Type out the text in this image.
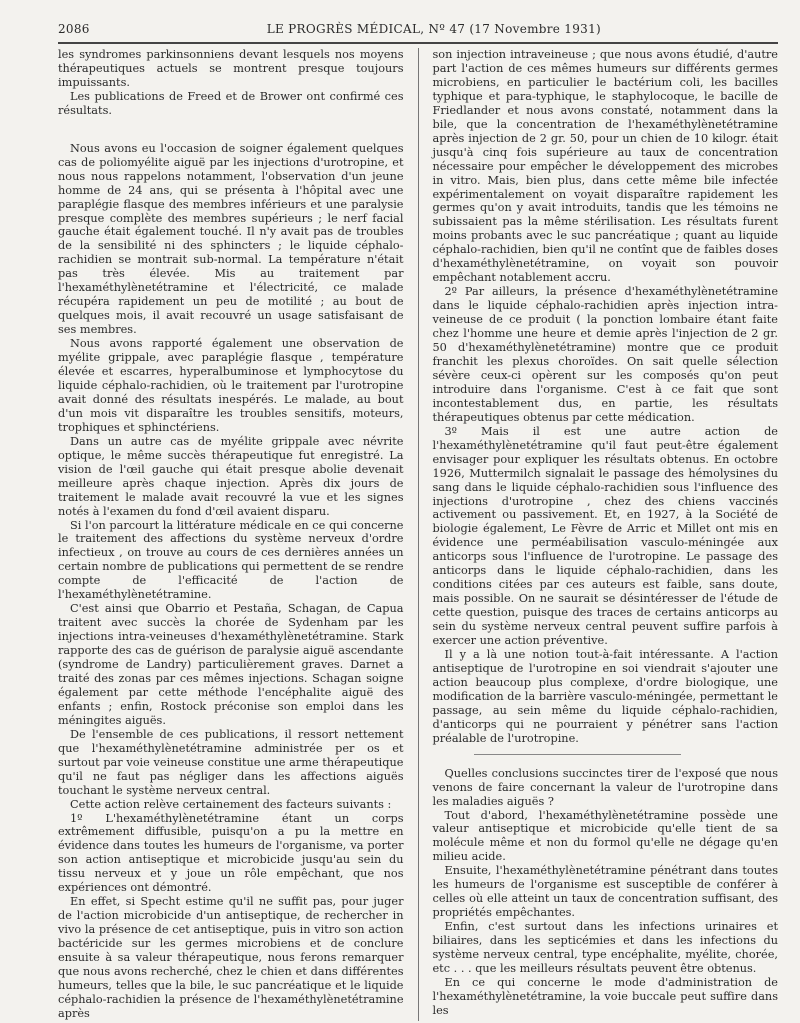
2086	LE PROGRÈS MÉDICAL, Nº 47 (17 Novembre 1931)

les syndromes parkinsonniens devant lesquels nos moyens thérapeutiques actuels se montrent presque toujours impuissants.

Les publications de Freed et de Brower ont confirmé ces résultats.

Nous avons eu l'occasion de soigner également quelques cas de poliomyélite aiguë par les injections d'urotropine, et nous nous rappelons notamment, l'observation d'un jeune homme de 24 ans, qui se présenta à l'hôpital avec une paraplégie flasque des membres inférieurs et une paralysie presque complète des membres supérieurs ; le nerf facial gauche était également touché. Il n'y avait pas de troubles de la sensibilité ni des sphincters ; le liquide céphalo-rachidien se montrait sub-normal. La température n'était pas très élevée. Mis au traitement par l'hexaméthylènetétramine et l'électricité, ce malade récupéra rapidement un peu de motilité ; au bout de quelques mois, il avait recouvré un usage satisfaisant de ses membres.

Nous avons rapporté également une observation de myélite grippale, avec paraplégie flasque , température élevée et escarres, hyperalbuminose et lymphocytose du liquide céphalo-rachidien, où le traitement par l'urotropine avait donné des résultats inespérés. Le malade, au bout d'un mois vit disparaître les troubles sensitifs, moteurs, trophiques et sphinctériens.

Dans un autre cas de myélite grippale avec névrite optique, le même succès thérapeutique fut enregistré. La vision de l'œil gauche qui était presque abolie devenait meilleure après chaque injection. Après dix jours de traitement le malade avait recouvré la vue et les signes notés à l'examen du fond d'œil avaient disparu.

Si l'on parcourt la littérature médicale en ce qui concerne le traitement des affections du système nerveux d'ordre infectieux , on trouve au cours de ces dernières années un certain nombre de publications qui permettent de se rendre compte de l'efficacité de l'action de l'hexaméthylènetétramine.

C'est ainsi que Obarrio et Pestaña, Schagan, de Capua traitent avec succès la chorée de Sydenham par les injections intra-veineuses d'hexaméthylènetétramine. Stark rapporte des cas de guérison de paralysie aiguë ascendante (syndrome de Landry) particulièrement graves. Darnet a traité des zonas par ces mêmes injections. Schagan soigne également par cette méthode l'encéphalite aiguë des enfants ; enfin, Rostock préconise son emploi dans les méningites aiguës.

De l'ensemble de ces publications, il ressort nettement que l'hexaméthylènetétramine administrée per os et surtout par voie veineuse constitue une arme thérapeutique qu'il ne faut pas négliger dans les affections aiguës touchant le système nerveux central.

Cette action relève certainement des facteurs suivants :

1º L'hexaméthylènetétramine étant un corps extrêmement diffusible, puisqu'on a pu la mettre en évidence dans toutes les humeurs de l'organisme, va porter son action antiseptique et microbicide jusqu'au sein du tissu nerveux et y joue un rôle empêchant, que nos expériences ont démontré.

En effet, si Specht estime qu'il ne suffit pas, pour juger de l'action microbicide d'un antiseptique, de rechercher in vivo la présence de cet antiseptique, puis in vitro son action bactéricide sur les germes microbiens et de conclure ensuite à sa valeur thérapeutique, nous ferons remarquer que nous avons recherché, chez le chien et dans différentes humeurs, telles que la bile, le suc pancréatique et le liquide céphalo-rachidien la présence de l'hexaméthylènetétramine après

son injection intraveineuse ; que nous avons étudié, d'autre part l'action de ces mêmes humeurs sur différents germes microbiens, en particulier le bactérium coli, les bacilles typhique et para-typhique, le staphylocoque, le bacille de Friedlander et nous avons constaté, notamment dans la bile, que la concentration de l'hexaméthylènetétramine après injection de 2 gr. 50, pour un chien de 10 kilogr. était jusqu'à cinq fois supérieure au taux de concentration nécessaire pour empêcher le développement des microbes in vitro. Mais, bien plus, dans cette même bile infectée expérimentalement on voyait disparaître rapidement les germes qu'on y avait introduits, tandis que les témoins ne subissaient pas la même stérilisation. Les résultats furent moins probants avec le suc pancréatique ; quant au liquide céphalo-rachidien, bien qu'il ne contînt que de faibles doses d'hexaméthylènetétramine, on voyait son pouvoir empêchant notablement accru.

2º Par ailleurs, la présence d'hexaméthylènetétramine dans le liquide céphalo-rachidien après injection intra-veineuse de ce produit ( la ponction lombaire étant faite chez l'homme une heure et demie après l'injection de 2 gr. 50 d'hexaméthylènetétramine) montre que ce produit franchit les plexus choroïdes. On sait quelle sélection sévère ceux-ci opèrent sur les composés qu'on peut introduire dans l'organisme. C'est à ce fait que sont incontestablement dus, en partie, les résultats thérapeutiques obtenus par cette médication.

3º Mais il est une autre action de l'hexaméthylènetétramine qu'il faut peut-être également envisager pour expliquer les résultats obtenus. En octobre 1926, Muttermilch signalait le passage des hémolysines du sang dans le liquide céphalo-rachidien sous l'influence des injections d'urotropine , chez des chiens vaccinés activement ou passivement. Et, en 1927, à la Société de biologie également, Le Fèvre de Arric et Millet ont mis en évidence une perméabilisation vasculo-méningée aux anticorps sous l'influence de l'urotropine. Le passage des anticorps dans le liquide céphalo-rachidien, dans les conditions citées par ces auteurs est faible, sans doute, mais possible. On ne saurait se désintéresser de l'étude de cette question, puisque des traces de certains anticorps au sein du système nerveux central peuvent suffire parfois à exercer une action préventive.

Il y a là une notion tout-à-fait intéressante. A l'action antiseptique de l'urotropine en soi viendrait s'ajouter une action beaucoup plus complexe, d'ordre biologique, une modification de la barrière vasculo-méningée, permettant le passage, au sein même du liquide céphalo-rachidien, d'anticorps qui ne pourraient y pénétrer sans l'action préalable de l'urotropine.

Quelles conclusions succinctes tirer de l'exposé que nous venons de faire concernant la valeur de l'urotropine dans les maladies aiguës ?

Tout d'abord, l'hexaméthylènetétramine possède une valeur antiseptique et microbicide qu'elle tient de sa molécule même et non du formol qu'elle ne dégage qu'en milieu acide.

Ensuite, l'hexaméthylènetétramine pénétrant dans toutes les humeurs de l'organisme est susceptible de conférer à celles où elle atteint un taux de concentration suffisant, des propriétés empêchantes.

Enfin, c'est surtout dans les infections urinaires et biliaires, dans les septicémies et dans les infections du système nerveux central, type encéphalite, myélite, chorée, etc . . . que les meilleurs résultats peuvent être obtenus.

En ce qui concerne le mode d'administration de l'hexaméthylènetétramine, la voie buccale peut suffire dans les
